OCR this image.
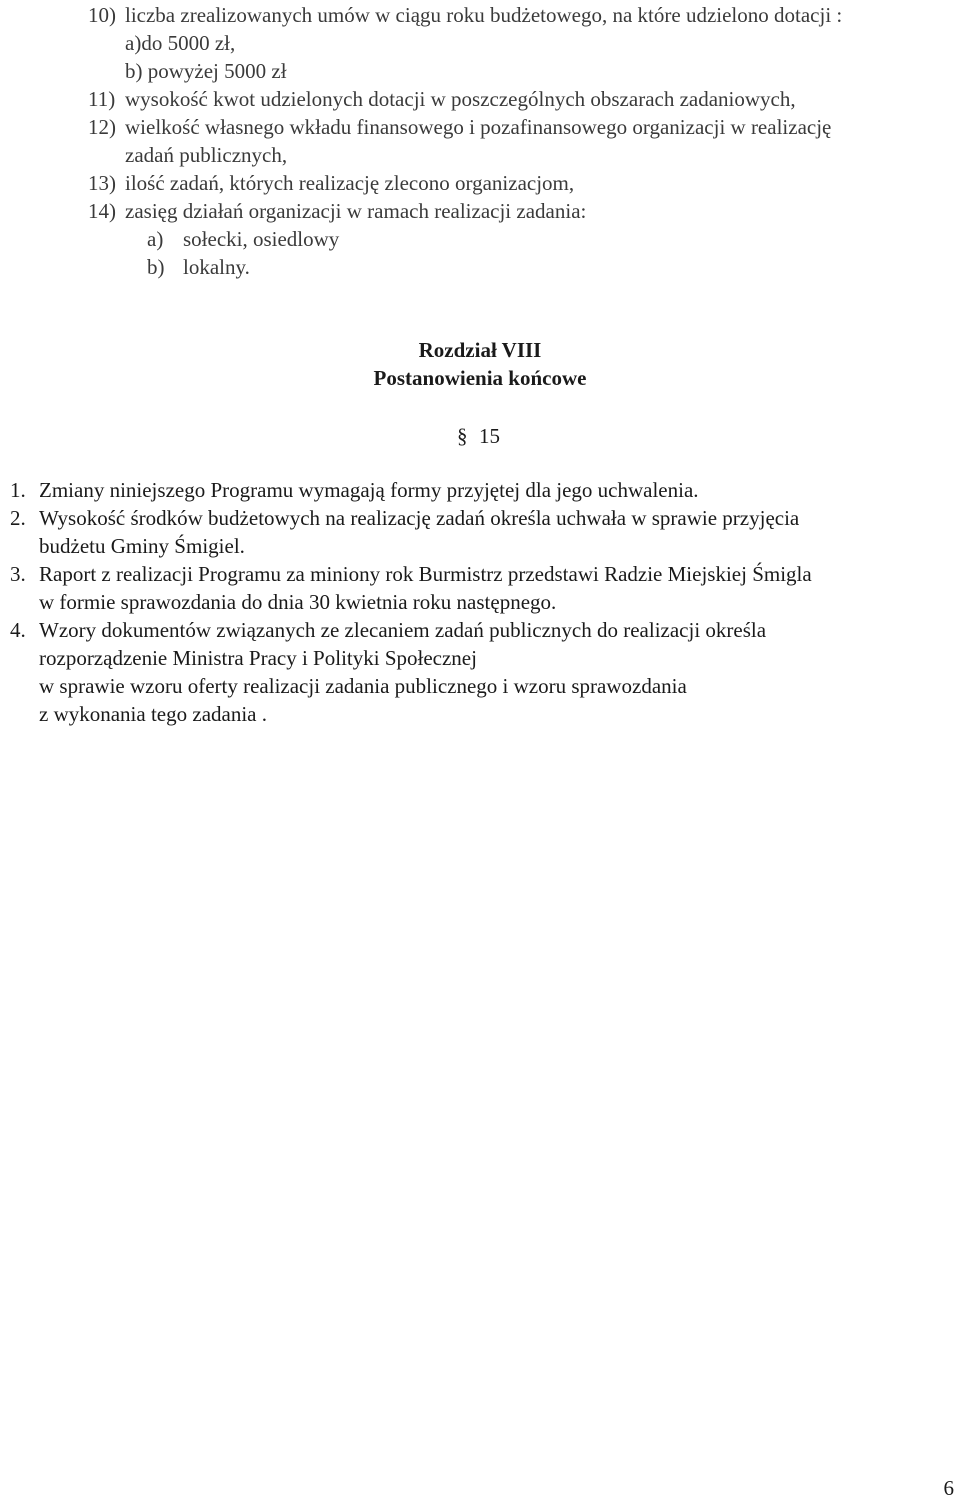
10) liczba zrealizowanych umów w ciągu roku budżetowego, na które udzielono dotacji :
a)do 5000 zł,
b) powyżej 5000 zł
11) wysokość kwot udzielonych dotacji w poszczególnych obszarach zadaniowych,
12) wielkość własnego wkładu finansowego i pozafinansowego organizacji w realizację
zadań publicznych,
13) ilość zadań, których realizację zlecono organizacjom,
14) zasięg działań organizacji w ramach realizacji zadania:
a) sołecki, osiedlowy
b) lokalny.
Rozdział VIII
Postanowienia końcowe
§ 15
1. Zmiany niniejszego Programu wymagają formy przyjętej dla jego uchwalenia.
2. Wysokość środków budżetowych na realizację zadań określa uchwała w sprawie przyjęcia
budżetu Gminy Śmigiel.
3. Raport z realizacji Programu za miniony rok Burmistrz przedstawi Radzie Miejskiej Śmigla
w formie sprawozdania do dnia 30 kwietnia roku następnego.
4. Wzory dokumentów związanych ze zlecaniem zadań publicznych do realizacji określa
rozporządzenie Ministra Pracy i Polityki Społecznej
w sprawie wzoru oferty realizacji zadania publicznego i wzoru sprawozdania
z wykonania tego zadania .
6
